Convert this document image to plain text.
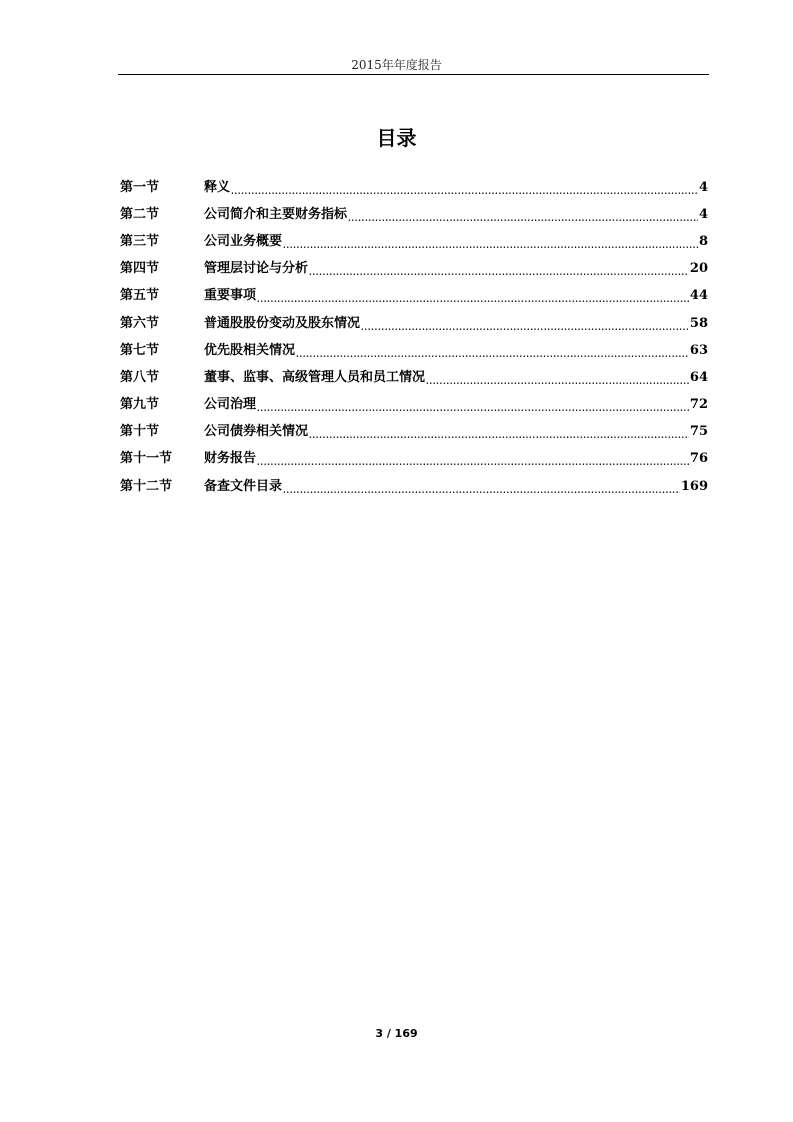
2015年年度报告
目录
第一节	释义 .....	4
第二节	公司简介和主要财务指标 .....	4
第三节	公司业务概要 .....	8
第四节	管理层讨论与分析 .....	20
第五节	重要事项 .....	44
第六节	普通股股份变动及股东情况 .....	58
第七节	优先股相关情况 .....	63
第八节	董事、监事、高级管理人员和员工情况 .....	64
第九节	公司治理 .....	72
第十节	公司债券相关情况 .....	75
第十一节	财务报告 .....	76
第十二节	备查文件目录 .....	169
3 / 169
